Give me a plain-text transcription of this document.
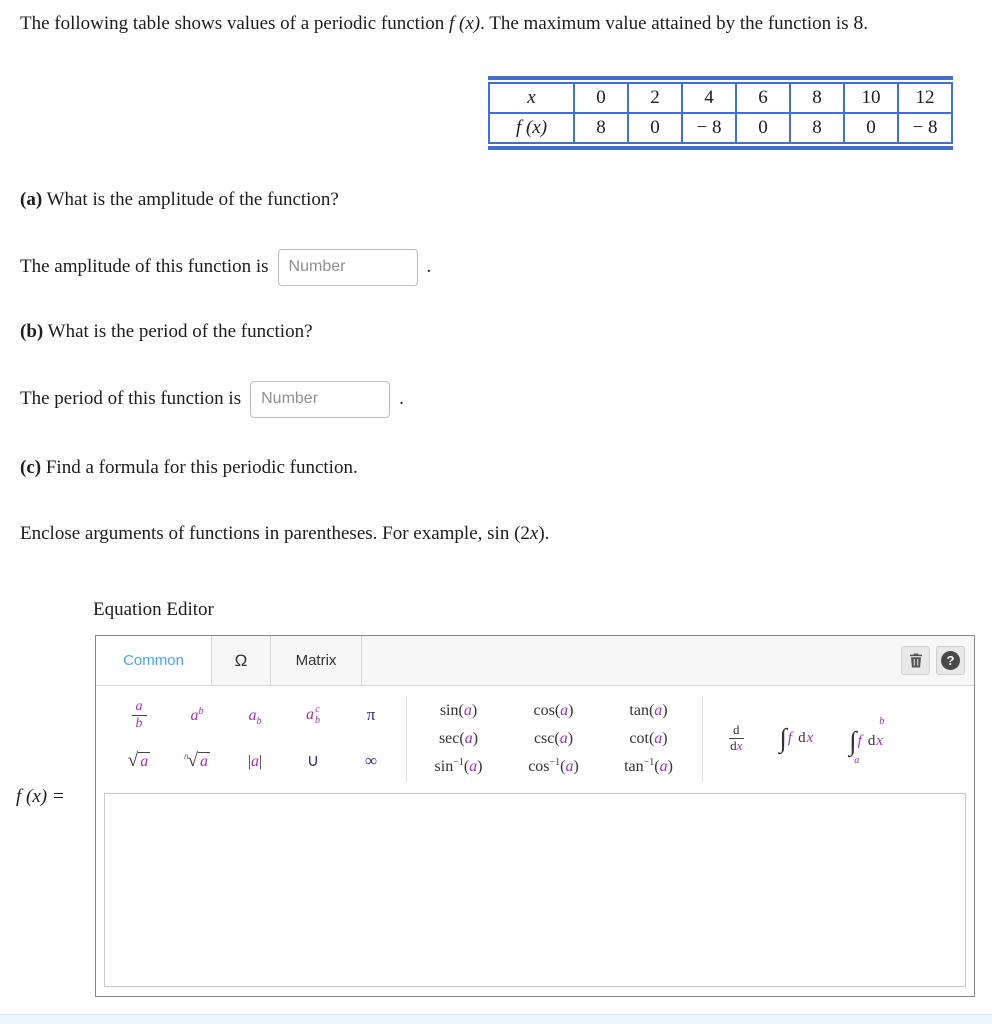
The following table shows values of a periodic function f (x). The maximum value attained by the function is 8.

x	0	2	4	6	8	10	12
f (x)	8	0	− 8	0	8	0	− 8

(a) What is the amplitude of the function?

The amplitude of this function is
Number	.

(b) What is the period of the function?

The period of this function is
Number	.

(c) Find a formula for this periodic function.

Enclose arguments of functions in parentheses. For example, sin (2x).

Equation Editor

Common	Ω	Matrix	?
$\frac{a}{b}$	$a^b$	$a_b$	a c
b	π
√ a	$^n$√ a	|a|	∪	∞
sin(a)	cos(a)	tan(a)
sec(a)	csc(a)	cot(a)
$\sin^{-1}(a)$	$\cos^{-1}(a)$	$\tan^{-1}(a)$
$\frac{d}{dx}$ ∫ f d x
b
∫ f d x
a

f (x) =
